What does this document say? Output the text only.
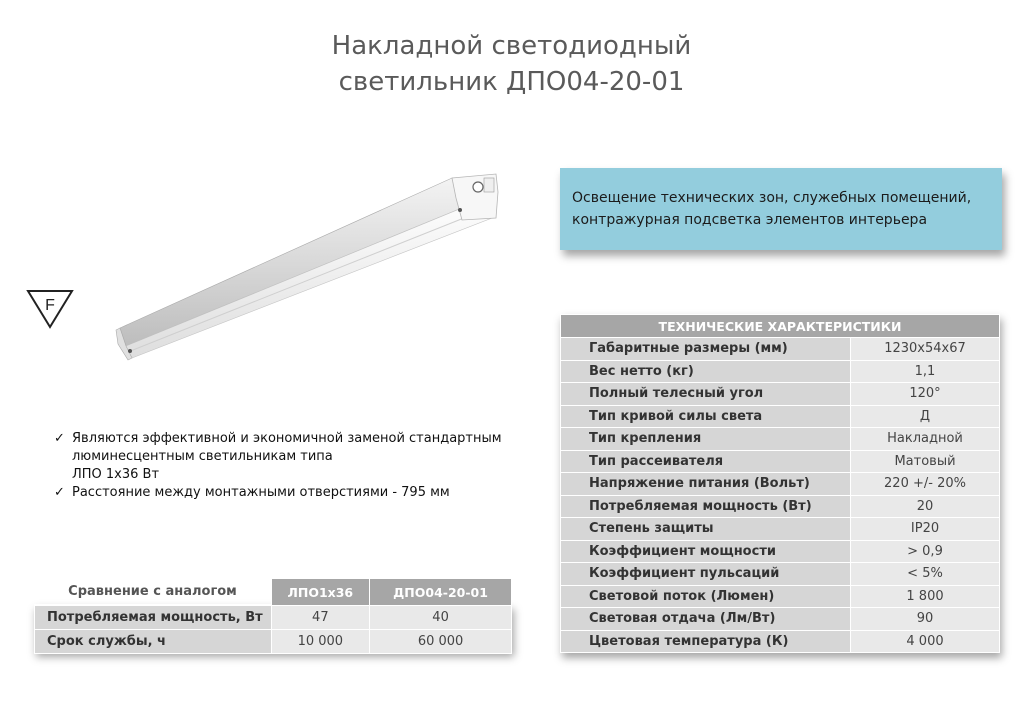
Накладной светодиодный
светильник ДПО04-20-01
F
✓ Являются эффективной и экономичной заменой стандартным
люминесцентным светильникам типа
ЛПО 1х36 Вт
✓ Расстояние между монтажными отверстиями - 795 мм
Освещение технических зон, служебных помещений,
контражурная подсветка элементов интерьера
ТЕХНИЧЕСКИЕ ХАРАКТЕРИСТИКИ	
Габаритные размеры (мм)	1230х54х67
Вес нетто (кг)	1,1
Полный телесный угол	120°
Тип кривой силы света	Д
Тип крепления	Накладной
Тип рассеивателя	Матовый
Напряжение питания (Вольт)	220 +/- 20%
Потребляемая мощность (Вт)	20
Степень защиты	IP20
Коэффициент мощности	> 0,9
Коэффициент пульсаций	< 5%
Световой поток (Люмен)	1 800
Световая отдача (Лм/Вт)	90
Цветовая температура (К)	4 000
Сравнение с аналогом	ЛПО1х36	ДПО04-20-01
Потребляемая мощность, Вт	47	40
Срок службы, ч	10 000	60 000
